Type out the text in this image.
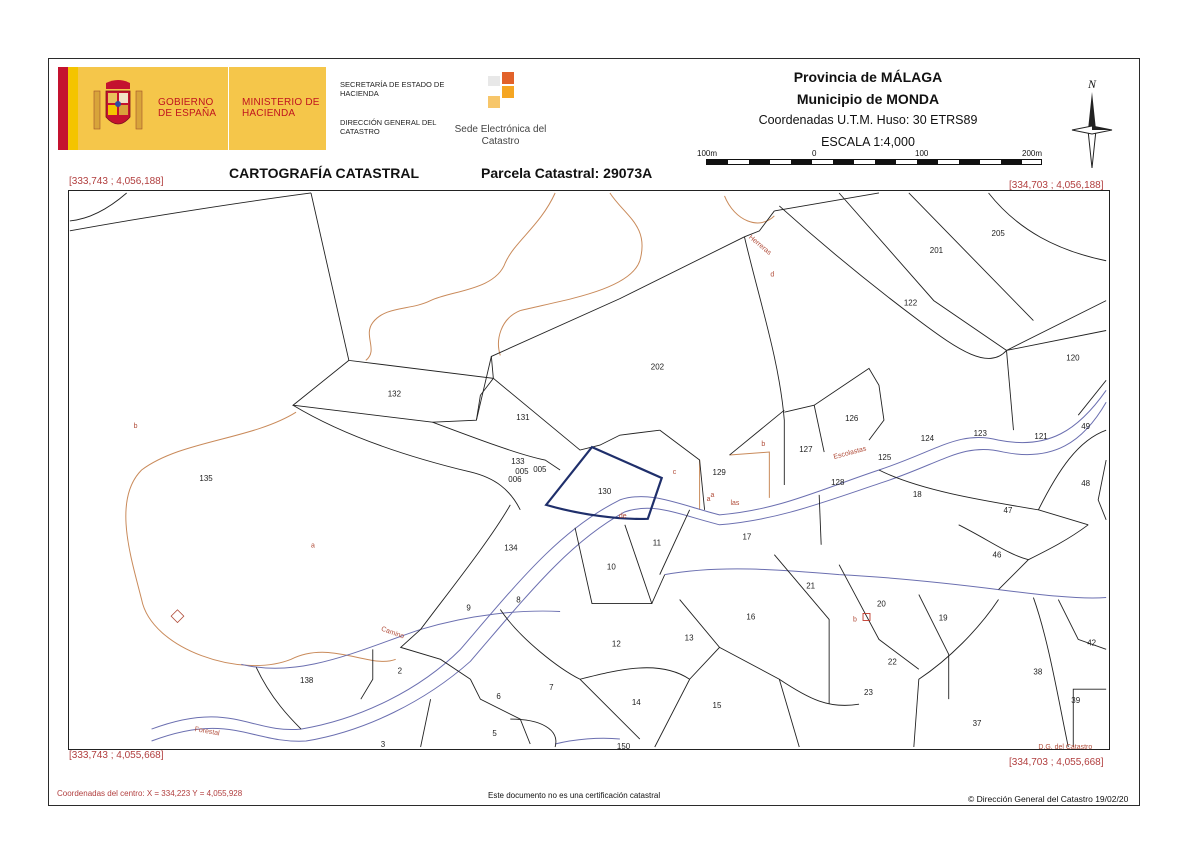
GOBIERNO DE ESPAÑA
MINISTERIO DE HACIENDA
SECRETARÍA DE ESTADO DE HACIENDA
DIRECCIÓN GENERAL DEL CATASTRO	Sede Electrónica del Catastro
Provincia de MÁLAGA
Municipio de MONDA
Coordenadas U.T.M. Huso: 30 ETRS89
ESCALA 1:4,000
100m	0	100	200m
N
CARTOGRAFÍA CATASTRAL	Parcela Catastral: 29073A
[333,743 ; 4,056,188]	[334,703 ; 4,056,188]
[333,743 ; 4,055,668]
[334,703 ; 4,055,668]
201
205
122
120
202
132
131	126
127
124
123	121
49
133
006
005 005
130
129
125
128
18
48
47
135
134
11
10
17
46
8
9
21
20
16	19
12
13
42
22
38
138
2
6
7
14
23
15
39
37
5
3	150
b
c
d
a
a
b
b
a
Herreras
Escolastas
de
las
Camino
Forestal
D.G. del Catastro
Coordenadas del centro: X = 334,223 Y = 4,055,928	Este documento no es una certificación catastral	© Dirección General del Catastro 19/02/20
